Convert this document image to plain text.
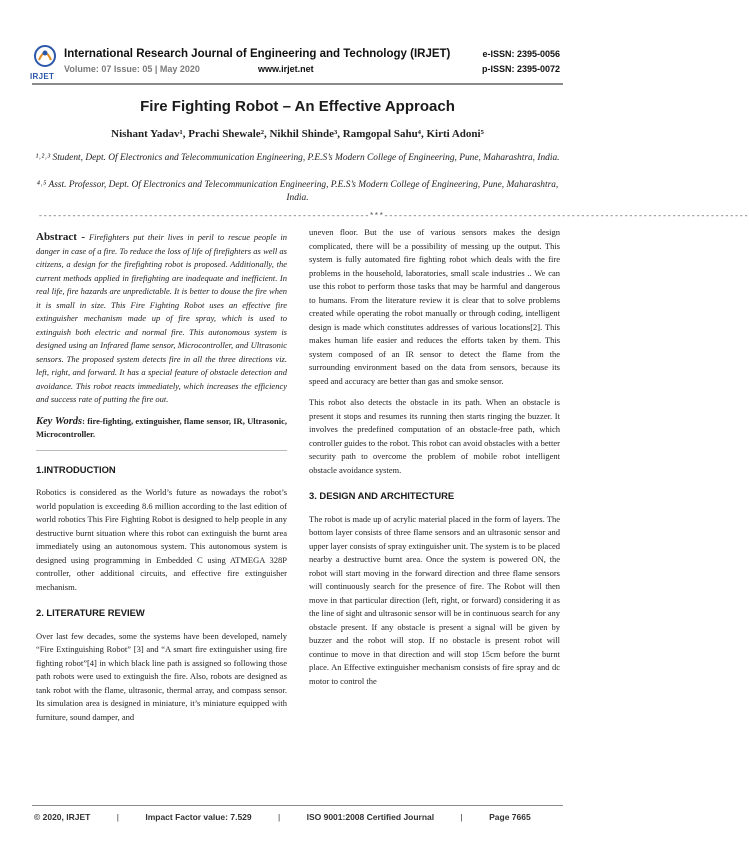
IRJET
International Research Journal of Engineering and Technology (IRJET)
Volume: 07 Issue: 05 | May 2020	www.irjet.net
e-ISSN: 2395-0056
p-ISSN: 2395-0072
Fire Fighting Robot – An Effective Approach
Nishant Yadav¹, Prachi Shewale², Nikhil Shinde³, Ramgopal Sahu⁴, Kirti Adoni⁵
¹˒²˒³ Student, Dept. Of Electronics and Telecommunication Engineering, P.E.S’s Modern College of Engineering, Pune, Maharashtra, India.
⁴˒⁵ Asst. Professor, Dept. Of Electronics and Telecommunication Engineering, P.E.S’s Modern College of Engineering, Pune, Maharashtra, India.
---------------------------------------------------------------------***----------------------------------------------------------------------------
Abstract - Firefighters put their lives in peril to rescue people in danger in case of a fire. To reduce the loss of life of firefighters as well as citizens, a design for the firefighting robot is proposed. Additionally, the current methods applied in firefighting are inadequate and inefficient. In real life, fire hazards are unpredictable. It is better to douse the fire when it is small in size. This Fire Fighting Robot uses an effective fire extinguisher mechanism made up of fire spray, which is used to extinguish both electric and normal fire. This autonomous system is designed using an Infrared flame sensor, Microcontroller, and Ultrasonic sensors. The proposed system detects fire in all the three directions viz. left, right, and forward. It has a special feature of obstacle detection and avoidance. This robot reacts immediately, which increases the efficiency and success rate of putting the fire out.
Key Words: fire-fighting, extinguisher, flame sensor, IR, Ultrasonic, Microcontroller.
1.INTRODUCTION
Robotics is considered as the World’s future as nowadays the robot’s world population is exceeding 8.6 million according to the last edition of world robotics This Fire Fighting Robot is designed to help people in any destructive burnt situation where this robot can extinguish the burnt area immediately using an autonomous system. This autonomous system is designed using programming in Embedded C using ATMEGA 328P controller, other additional circuits, and effective fire extinguisher mechanism.
2. LITERATURE REVIEW
Over last few decades, some the systems have been developed, namely “Fire Extinguishing Robot” [3] and “A smart fire extinguisher using fire fighting robot”[4] in which black line path is assigned so following those path robots were used to extinguish the fire. Also, robots are designed as tank robot with the flame, ultrasonic, thermal array, and compass sensor. Its simulation area is designed in miniature, it’s miniature equipped with furniture, sound damper, and
uneven floor. But the use of various sensors makes the design complicated, there will be a possibility of messing up the output. This system is fully automated fire fighting robot which deals with the fire problems in the household, laboratories, small scale industries .. We can use this robot to perform those tasks that may be harmful and dangerous to humans. From the literature review it is clear that to solve problems created while operating the robot manually or through coding, intelligent design is made which constitutes addresses of various locations[2]. This makes human life easier and reduces the efforts taken by them. This system composed of an IR sensor to detect the flame from the surrounding environment based on the data from sensors, because its speed and accuracy are better than gas and smoke sensor.
This robot also detects the obstacle in its path. When an obstacle is present it stops and resumes its running then starts ringing the buzzer. It involves the predefined computation of an obstacle-free path, which controller guides to the robot. This robot can avoid obstacles with a better security path to overcome the problem of mobile robot intelligent obstacle avoidance system.
3. DESIGN AND ARCHITECTURE
The robot is made up of acrylic material placed in the form of layers. The bottom layer consists of three flame sensors and an ultrasonic sensor and upper layer consists of spray extinguisher unit. The system is to be placed nearby a destructive burnt area. Once the system is powered ON, the robot will start moving in the forward direction and three flame sensors will continuously search for the presence of fire. The Robot will then move in that particular direction (left, right, or forward) considering it as the line of sight and ultrasonic sensor will be in continuous search for any obstacle present. If any obstacle is present a signal will be given by buzzer and the robot will stop. If no obstacle is present robot will continue to move in that direction and will stop 15cm before the burnt place. An Effective extinguisher mechanism consists of fire spray and dc motor to control the
© 2020, IRJET	|	Impact Factor value: 7.529	|	ISO 9001:2008 Certified Journal	|	Page 7665
